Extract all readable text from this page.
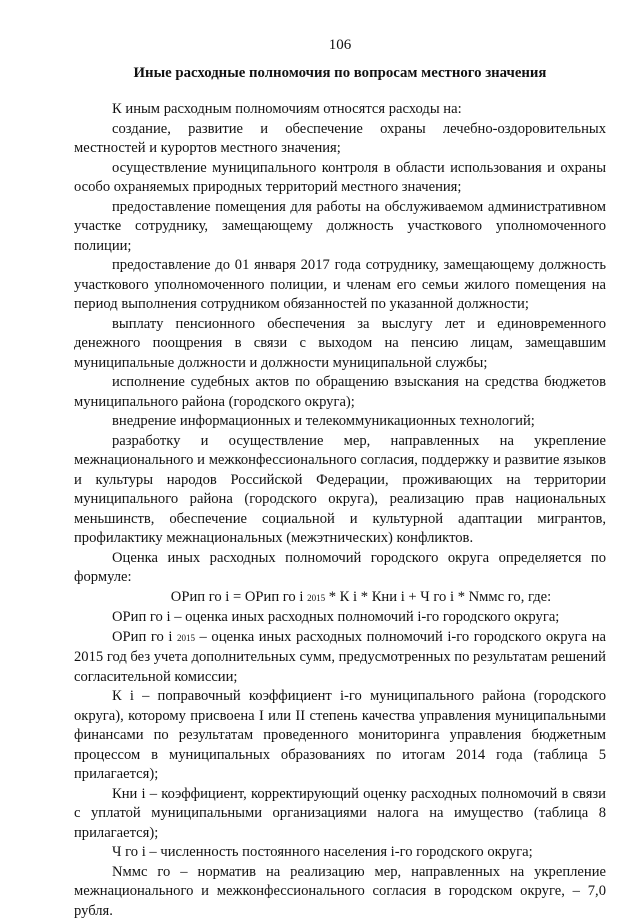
106
Иные расходные полномочия по вопросам местного значения

К иным расходным полномочиям относятся расходы на:

создание, развитие и обеспечение охраны лечебно-оздоровительных местностей и курортов местного значения;

осуществление муниципального контроля в области использования и охраны особо охраняемых природных территорий местного значения;

предоставление помещения для работы на обслуживаемом административном участке сотруднику, замещающему должность участкового уполномоченного полиции;

предоставление до 01 января 2017 года сотруднику, замещающему должность участкового уполномоченного полиции, и членам его семьи жилого помещения на период выполнения сотрудником обязанностей по указанной должности;

выплату пенсионного обеспечения за выслугу лет и единовременного денежного поощрения в связи с выходом на пенсию лицам, замещавшим муниципальные должности и должности муниципальной службы;

исполнение судебных актов по обращению взыскания на средства бюджетов муниципального района (городского округа);

внедрение информационных и телекоммуникационных технологий;

разработку и осуществление мер, направленных на укрепление межнационального и межконфессионального согласия, поддержку и развитие языков и культуры народов Российской Федерации, проживающих на территории муниципального района (городского округа), реализацию прав национальных меньшинств, обеспечение социальной и культурной адаптации мигрантов, профилактику межнациональных (межэтнических) конфликтов.

Оценка иных расходных полномочий городского округа определяется по формуле:

ОРип го i = ОРип го i 2015 * К i * Кни i + Ч го i * Nммс го, где:

ОРип го i – оценка иных расходных полномочий i-го городского округа;

ОРип го i 2015 – оценка иных расходных полномочий i-го городского округа на 2015 год без учета дополнительных сумм, предусмотренных по результатам решений согласительной комиссии;

К i – поправочный коэффициент i-го муниципального района (городского округа), которому присвоена I или II степень качества управления муниципальными финансами по результатам проведенного мониторинга управления бюджетным процессом в муниципальных образованиях по итогам 2014 года (таблица 5 прилагается);

Кни i – коэффициент, корректирующий оценку расходных полномочий в связи с уплатой муниципальными организациями налога на имущество (таблица 8 прилагается);

Ч го i – численность постоянного населения i-го городского округа;

Nммс го – норматив на реализацию мер, направленных на укрепление межнационального и межконфессионального согласия в городском округе, – 7,0 рубля.
